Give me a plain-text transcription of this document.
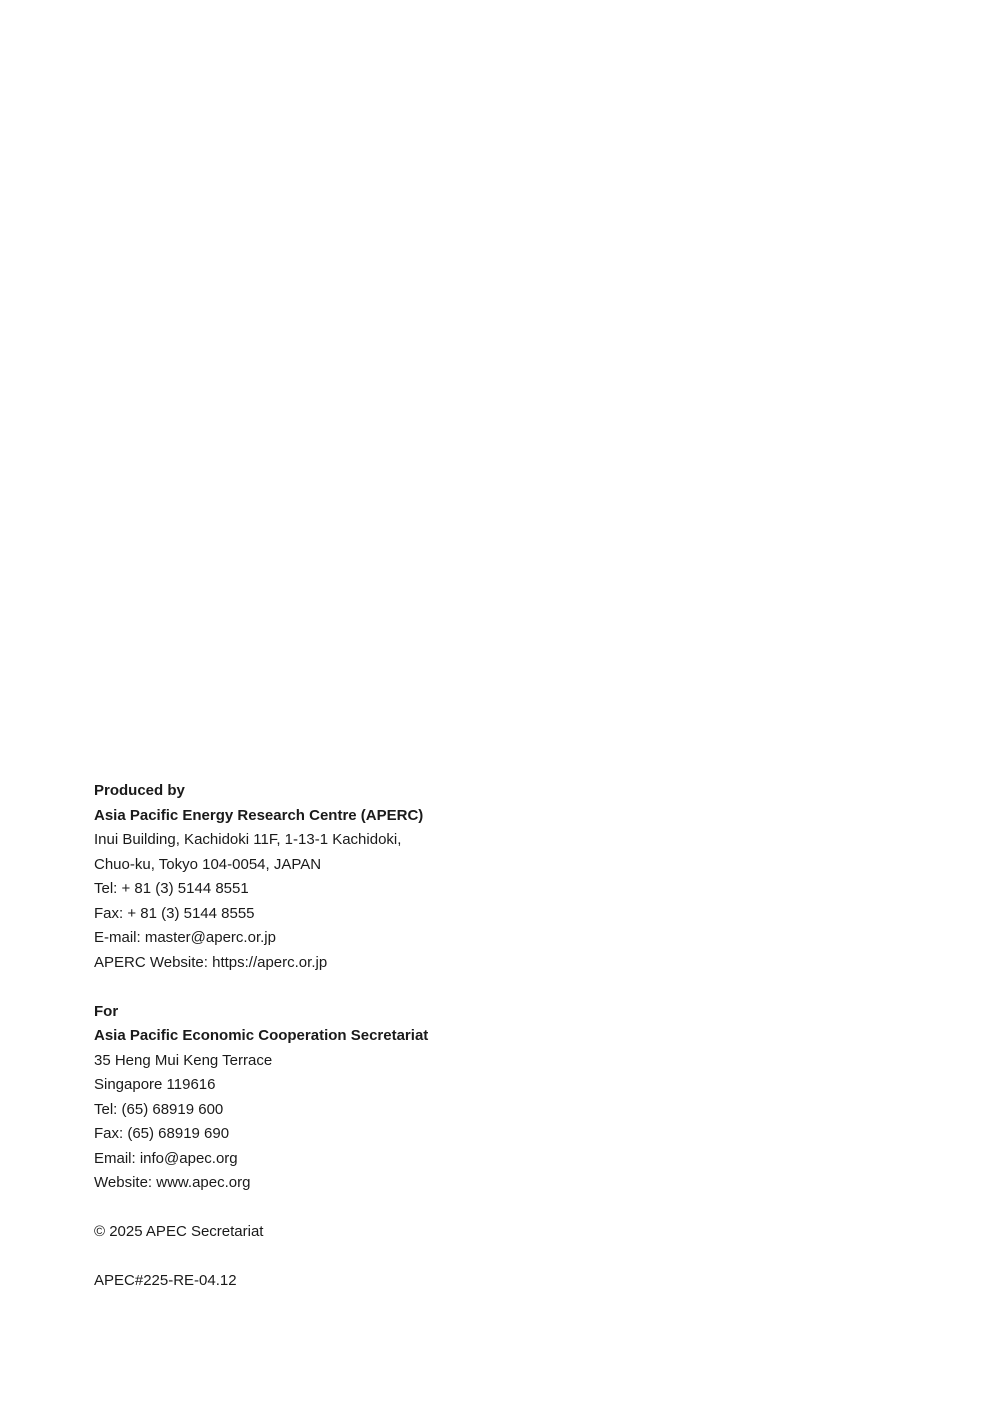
Produced by
Asia Pacific Energy Research Centre (APERC)
Inui Building, Kachidoki 11F, 1-13-1 Kachidoki,
Chuo-ku, Tokyo 104-0054, JAPAN
Tel: + 81 (3) 5144 8551
Fax: + 81 (3) 5144 8555
E-mail: master@aperc.or.jp
APERC Website: https://aperc.or.jp
For
Asia Pacific Economic Cooperation Secretariat
35 Heng Mui Keng Terrace
Singapore 119616
Tel: (65) 68919 600
Fax: (65) 68919 690
Email: info@apec.org
Website: www.apec.org
© 2025 APEC Secretariat
APEC#225-RE-04.12
